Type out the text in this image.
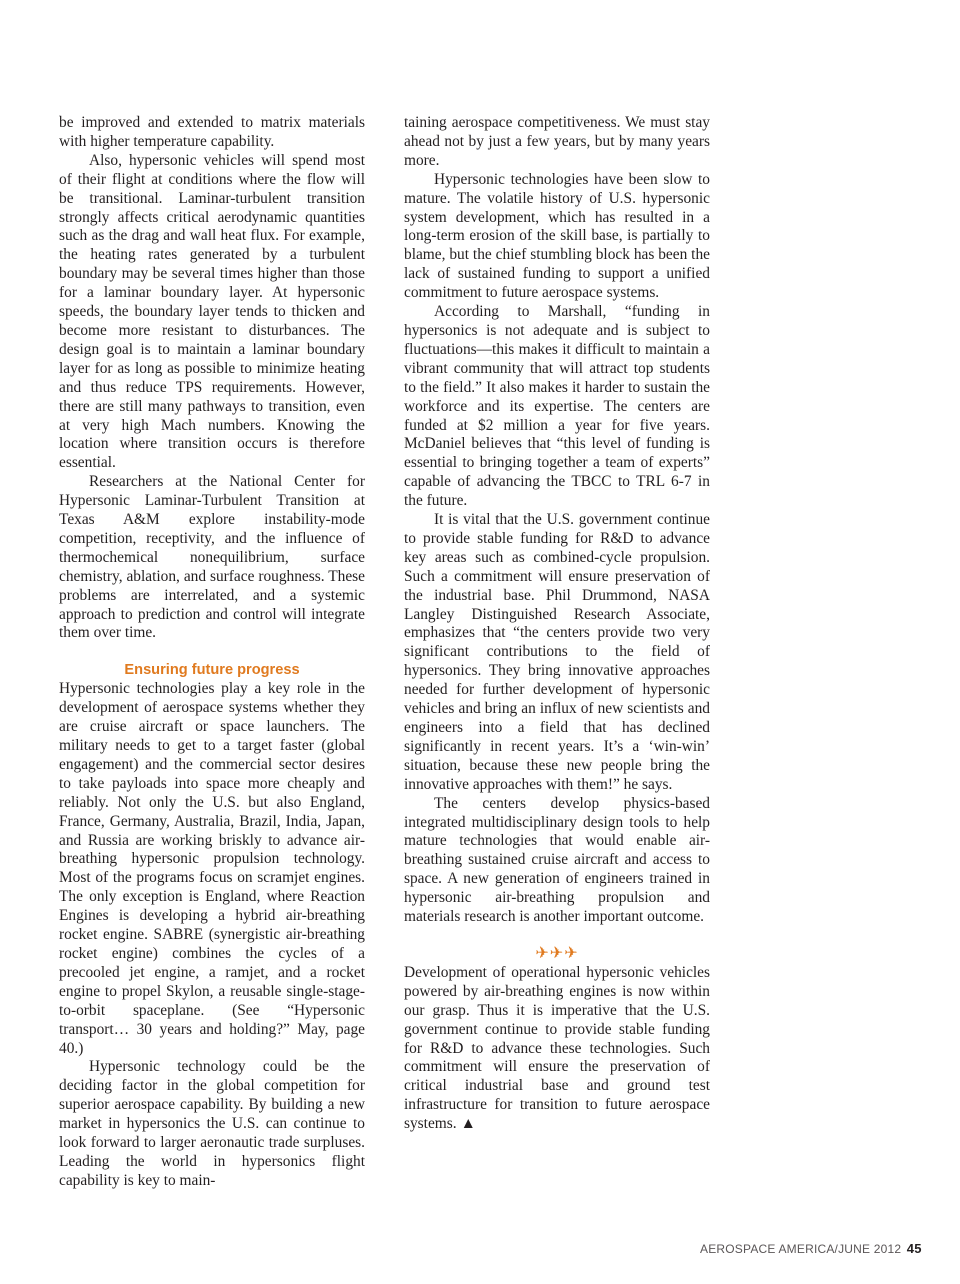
be improved and extended to matrix materials with higher temperature capability.

Also, hypersonic vehicles will spend most of their flight at conditions where the flow will be transitional. Laminar-turbulent transition strongly affects critical aerodynamic quantities such as the drag and wall heat flux. For example, the heating rates generated by a turbulent boundary may be several times higher than those for a laminar boundary layer. At hypersonic speeds, the boundary layer tends to thicken and become more resistant to disturbances. The design goal is to maintain a laminar boundary layer for as long as possible to minimize heating and thus reduce TPS requirements. However, there are still many pathways to transition, even at very high Mach numbers. Knowing the location where transition occurs is therefore essential.

Researchers at the National Center for Hypersonic Laminar-Turbulent Transition at Texas A&M explore instability-mode competition, receptivity, and the influence of thermochemical nonequilibrium, surface chemistry, ablation, and surface roughness. These problems are interrelated, and a systemic approach to prediction and control will integrate them over time.

Ensuring future progress

Hypersonic technologies play a key role in the development of aerospace systems whether they are cruise aircraft or space launchers. The military needs to get to a target faster (global engagement) and the commercial sector desires to take payloads into space more cheaply and reliably. Not only the U.S. but also England, France, Germany, Australia, Brazil, India, Japan, and Russia are working briskly to advance air-breathing hypersonic propulsion technology. Most of the programs focus on scramjet engines. The only exception is England, where Reaction Engines is developing a hybrid air-breathing rocket engine. SABRE (synergistic air-breathing rocket engine) combines the cycles of a precooled jet engine, a ramjet, and a rocket engine to propel Skylon, a reusable single-stage-to-orbit spaceplane. (See “Hypersonic transport… 30 years and holding?” May, page 40.)

Hypersonic technology could be the deciding factor in the global competition for superior aerospace capability. By building a new market in hypersonics the U.S. can continue to look forward to larger aeronautic trade surpluses. Leading the world in hypersonics flight capability is key to main-

taining aerospace competitiveness. We must stay ahead not by just a few years, but by many years more.

Hypersonic technologies have been slow to mature. The volatile history of U.S. hypersonic system development, which has resulted in a long-term erosion of the skill base, is partially to blame, but the chief stumbling block has been the lack of sustained funding to support a unified commitment to future aerospace systems.

According to Marshall, “funding in hypersonics is not adequate and is subject to fluctuations—this makes it difficult to maintain a vibrant community that will attract top students to the field.” It also makes it harder to sustain the workforce and its expertise. The centers are funded at $2 million a year for five years. McDaniel believes that “this level of funding is essential to bringing together a team of experts” capable of advancing the TBCC to TRL 6-7 in the future.

It is vital that the U.S. government continue to provide stable funding for R&D to advance key areas such as combined-cycle propulsion. Such a commitment will ensure preservation of the industrial base. Phil Drummond, NASA Langley Distinguished Research Associate, emphasizes that “the centers provide two very significant contributions to the field of hypersonics. They bring innovative approaches needed for further development of hypersonic vehicles and bring an influx of new scientists and engineers into a field that has declined significantly in recent years. It’s a ‘win-win’ situation, because these new people bring the innovative approaches with them!” he says.

The centers develop physics-based integrated multidisciplinary design tools to help mature technologies that would enable air-breathing sustained cruise aircraft and access to space. A new generation of engineers trained in hypersonic air-breathing propulsion and materials research is another important outcome.

✈✈✈

Development of operational hypersonic vehicles powered by air-breathing engines is now within our grasp. Thus it is imperative that the U.S. government continue to provide stable funding for R&D to advance these technologies. Such commitment will ensure the preservation of critical industrial base and ground test infrastructure for transition to future aerospace systems. ▲

AEROSPACE AMERICA/JUNE 2012 45
